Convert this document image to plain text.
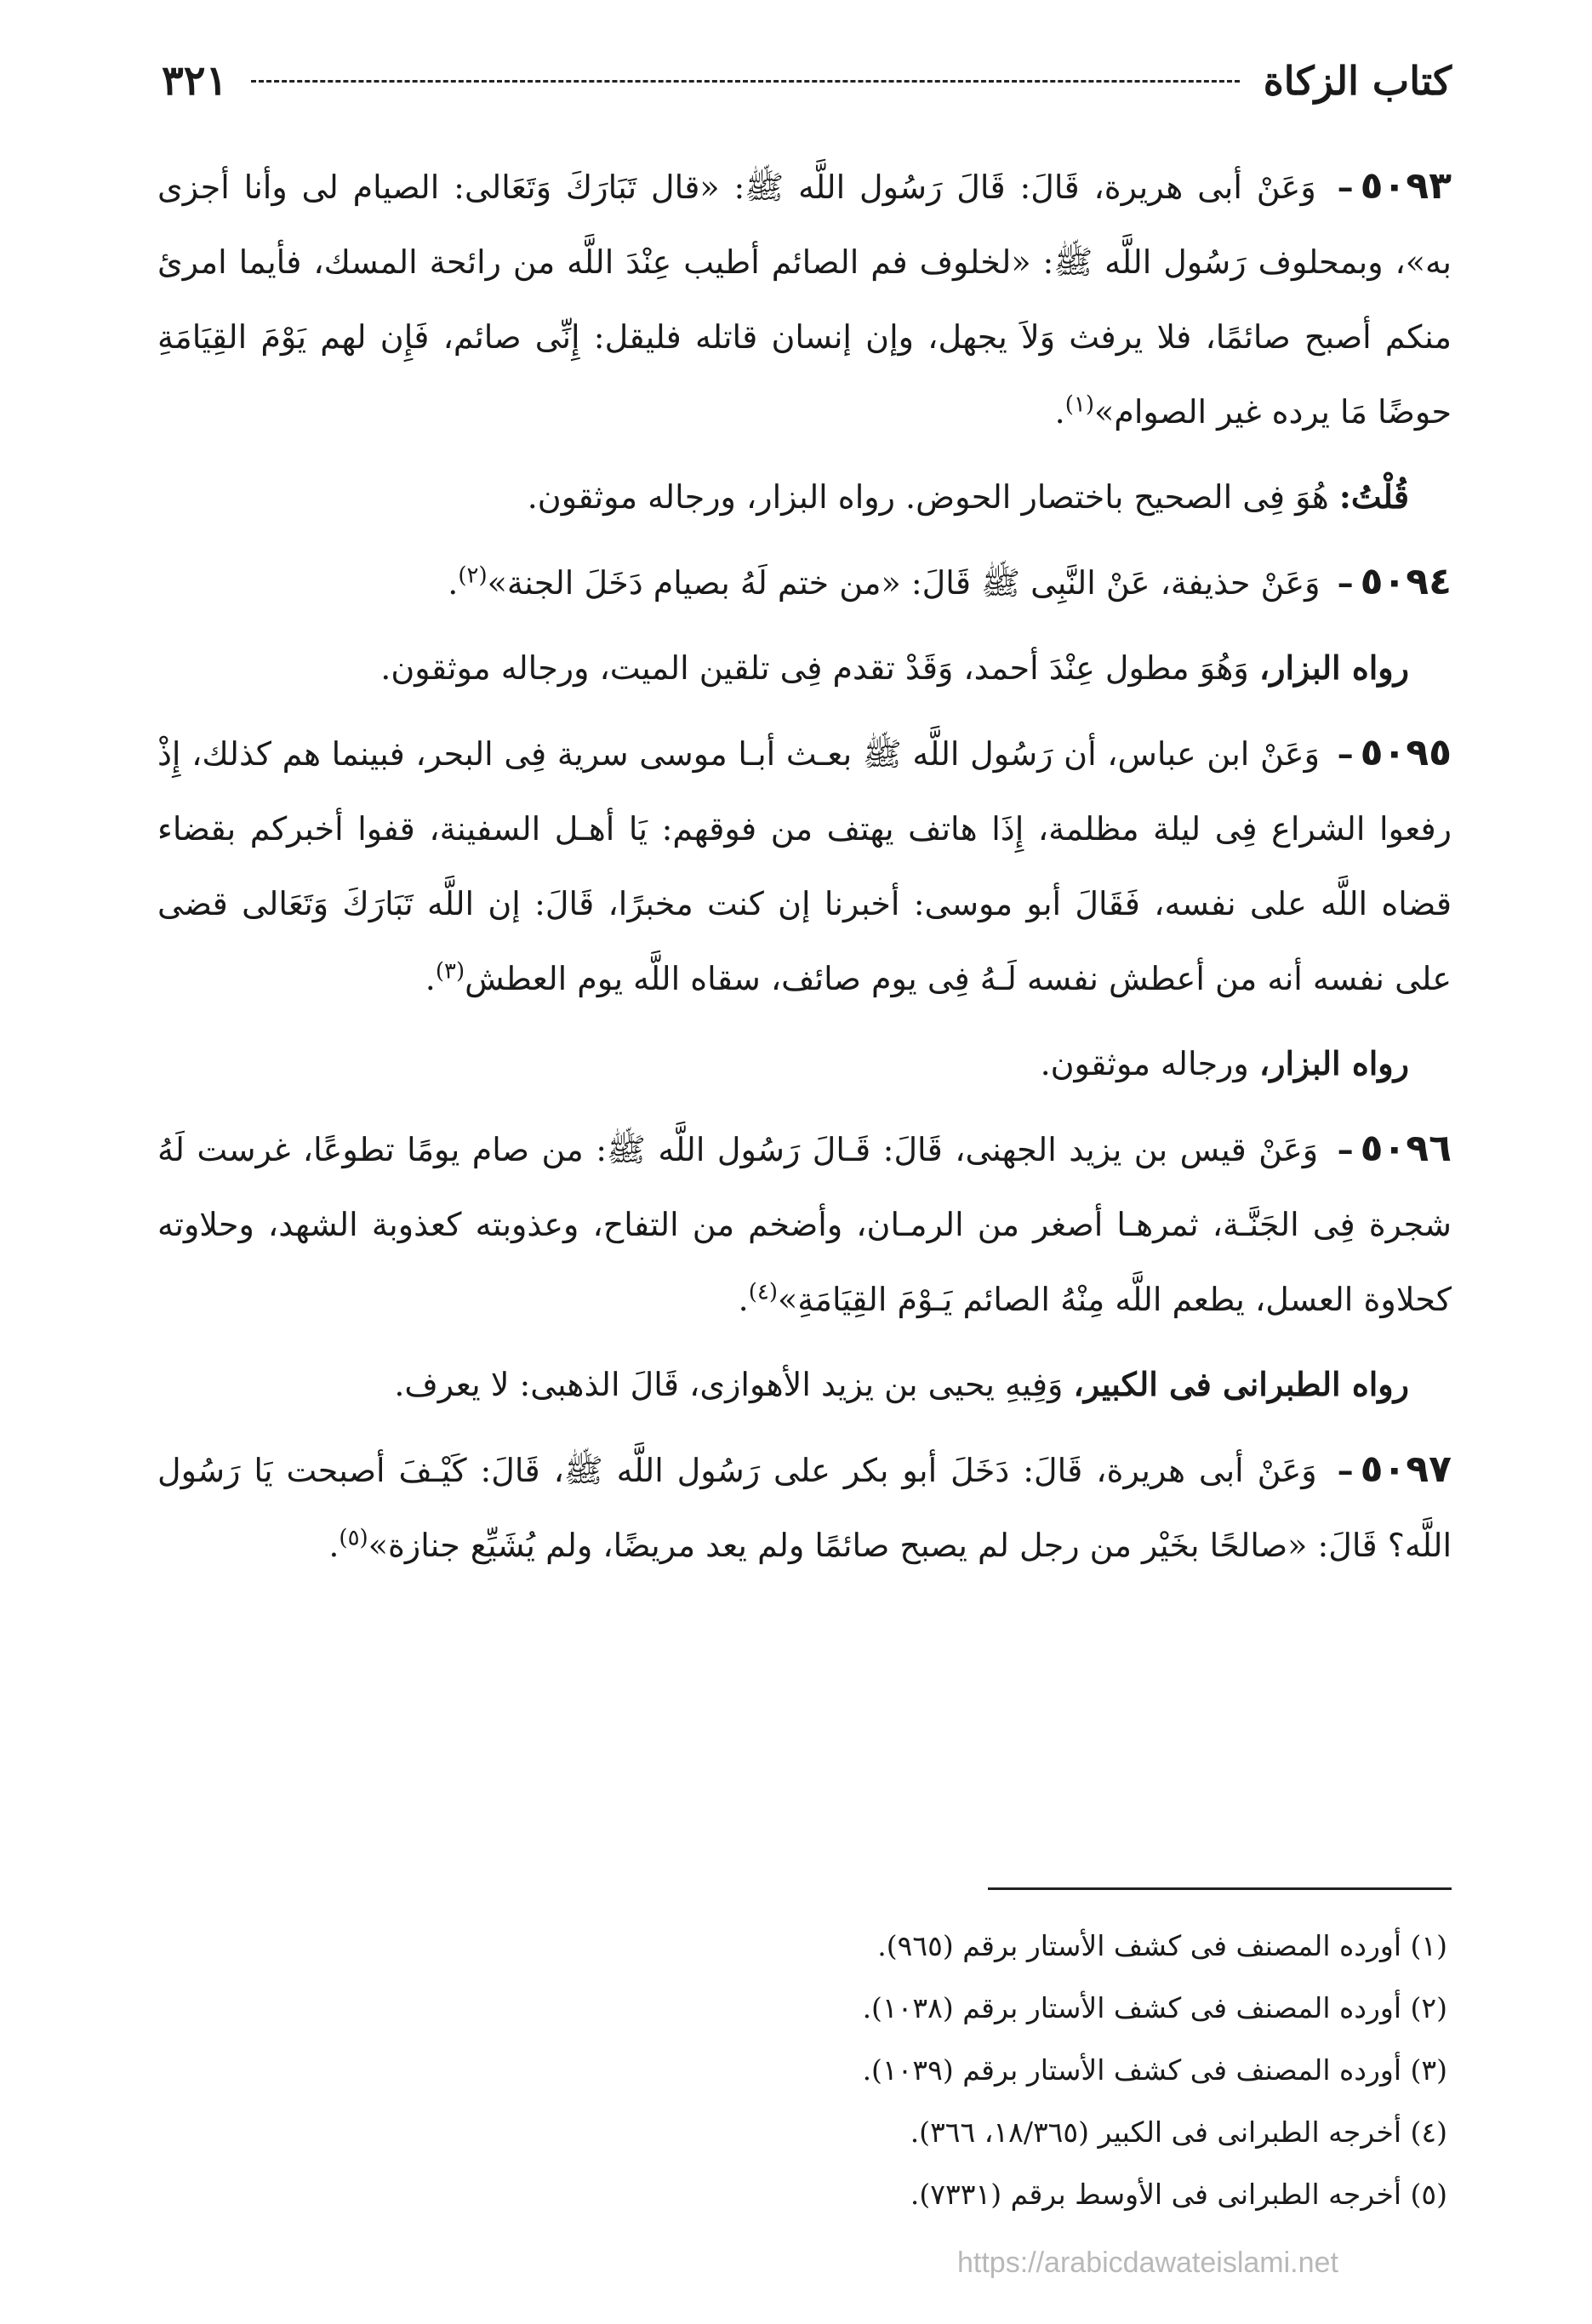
كتاب الزكاة
٣٢١

٥٠٩٣– وَعَنْ أبى هريرة، قَالَ: قَالَ رَسُول اللَّه ﷺ: «قال تَبَارَكَ وَتَعَالى: الصيام لى وأنا أجزى به»، وبمحلوف رَسُول اللَّه ﷺ: «لخلوف فم الصائم أطيب عِنْدَ اللَّه من رائحة المسك، فأيما امرئ منكم أصبح صائمًا، فلا يرفث وَلاَ يجهل، وإن إنسان قاتله فليقل: إِنِّى صائم، فَإِن لهم يَوْمَ القِيَامَةِ حوضًا مَا يرده غير الصوام»$^{(١)}$.

قُلْتُ: هُوَ فِى الصحيح باختصار الحوض. رواه البزار، ورجاله موثقون.

٥٠٩٤– وَعَنْ حذيفة، عَنْ النَّبِى ﷺ قَالَ: «من ختم لَهُ بصيام دَخَلَ الجنة»$^{(٢)}$.

رواه البزار، وَهُوَ مطول عِنْدَ أحمد، وَقَدْ تقدم فِى تلقين الميت، ورجاله موثقون.

٥٠٩٥– وَعَنْ ابن عباس، أن رَسُول اللَّه ﷺ بعـث أبـا موسى سرية فِى البحر، فبينما هم كذلك، إِذْ رفعوا الشراع فِى ليلة مظلمة، إِذَا هاتف يهتف من فوقهم: يَا أهـل السفينة، قفوا أخبركم بقضاء قضاه اللَّه على نفسه، فَقَالَ أبو موسى: أخبرنا إن كنت مخبرًا، قَالَ: إن اللَّه تَبَارَكَ وَتَعَالى قضى على نفسه أنه من أعطش نفسه لَـهُ فِى يوم صائف، سقاه اللَّه يوم العطش$^{(٣)}$.

رواه البزار، ورجاله موثقون.

٥٠٩٦– وَعَنْ قيس بن يزيد الجهنى، قَالَ: قَـالَ رَسُول اللَّه ﷺ: من صام يومًا تطوعًا، غرست لَهُ شجرة فِى الجَنَّـة، ثمرهـا أصغر من الرمـان، وأضخم من التفاح، وعذوبته كعذوبة الشهد، وحلاوته كحلاوة العسل، يطعم اللَّه مِنْهُ الصائم يَـوْمَ القِيَامَةِ»$^{(٤)}$.

رواه الطبرانى فى الكبير، وَفِيهِ يحيى بن يزيد الأهوازى، قَالَ الذهبى: لا يعرف.

٥٠٩٧– وَعَنْ أبى هريرة، قَالَ: دَخَلَ أبو بكر على رَسُول اللَّه ﷺ، قَالَ: كَيْـفَ أصبحت يَا رَسُول اللَّه؟ قَالَ: «صالحًا بخَيْر من رجل لم يصبح صائمًا ولم يعد مريضًا، ولم يُشَيِّع جنازة»$^{(٥)}$.

(١) أورده المصنف فى كشف الأستار برقم (٩٦٥).
(٢) أورده المصنف فى كشف الأستار برقم (١٠٣٨).
(٣) أورده المصنف فى كشف الأستار برقم (١٠٣٩).
(٤) أخرجه الطبرانى فى الكبير (١٨/٣٦٥، ٣٦٦).
(٥) أخرجه الطبرانى فى الأوسط برقم (٧٣٣١).
https://arabicdawateislami.net
